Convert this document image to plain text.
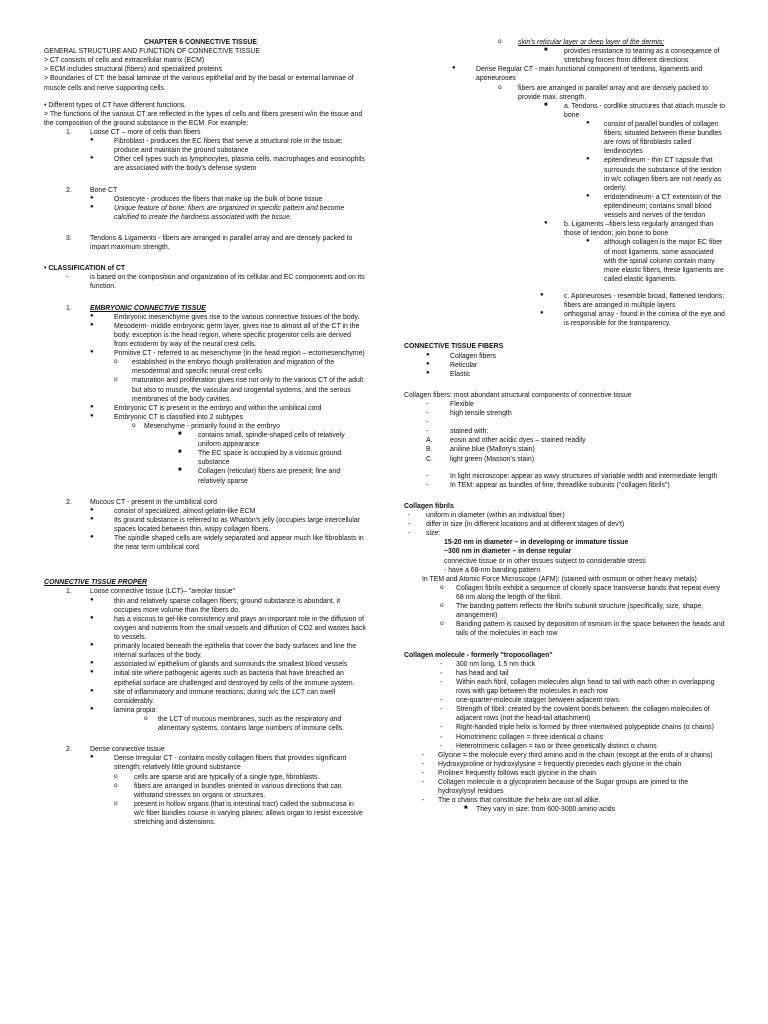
CHAPTER 6 CONNECTIVE TISSUE

GENERAL STRUCTURE AND FUNCTION OF CONNECTIVE TISSUE

> CT consists of cells and extracellular matrix (ECM)

> ECM includes structural (fibers) and specialized proteins

> Boundaries of CT: the basal laminae of the various epithelial and by the basal or external laminae of muscle cells and nerve supporting cells.

• Different types of CT have different functions.

> The functions of the various CT are reflected in the types of cells and fibers present w/in the tissue and the composition of the ground substance in the ECM. For example:

1.	Loose CT – more of cells than fibers
●	Fibroblast - produces the EC fibers that serve a structural role in the tissue; produce and maintain the ground substance
●	Other cell types such as lymphocytes, plasma cells, macrophages and eosinophils are associated with the body's defense system
2.	Bone CT
●	Osteocyte - produces the fibers that make up the bulk of bone tissue
●	Unique feature of bone: fibers are organized in specific pattern and become calcified to create the hardness associated with the tissue.
3.	Tendons & Ligaments - fibers are arranged in parallel array and are densely packed to impart maximum strength.

• CLASSIFICATION of CT

-	is based on the composition and organization of its cellular and EC components and on its function.
1.	EMBRYONIC CONNECTIVE TISSUE
●	Embryonic mesenchyme gives rise to the various connective tissues of the body.
●	Mesoderm- middle embryonic germ layer, gives rise to almost all of the CT in the body. exception is the head region, where specific progenitor cells are derived from ectoderm by way of the neural crest cells.
●	Primitive CT - referred to as mesenchyme (in the head region – ectomesenchyme)
o	established in the embryo though proliferation and migration of the mesodermal and specific neural crest cells
o	maturation and proliferation gives rise not only to the various CT of the adult but also to muscle, the vascular and urogenital systems, and the serous membranes of the body cavities.
●	Embryonic CT is present in the embryo and within the umbilical cord
●	Embryonic CT is classified into 2 subtypes
o	Mesenchyme - primarily found in the embryo
■	contains small, spindle-shaped cells of relatively uniform appearance
■	The EC space is occupied by a viscous ground substance
■	Collagen (reticular) fibers are present; fine and relatively sparse
2.	Mucous CT - present in the umbilical cord
●	consist of specialized, almost gelatin-like ECM
●	Its ground substance is referred to as Wharton's jelly (occupies large intercellular spaces located between thin, wispy collagen fibers.
●	The spindle shaped cells are widely separated and appear much like fibroblasts in the near term umbilical cord

CONNECTIVE TISSUE PROPER

1.	Loose connective tissue (LCT)– "areolar tissue"
●	thin and relatively sparse collagen fibers; ground substance is abundant, it occupies more volume than the fibers do.
●	has a viscous to gel-like consistency and plays an important role in the diffusion of oxygen and nutrients from the small vessels and diffusion of CO2 and wastes back to vessels.
●	primarily located beneath the epithelia that cover the body surfaces and line the internal surfaces of the body.
●	associated w/ epithelium of glands and surrounds the smallest blood vessels
●	initial site where pathogenic agents such as bacteria that have breached an epithelial surface are challenged and destroyed by cells of the immune system.
●	site of inflammatory and immune reactions; during w/c the LCT can swell considerably.
●	lamina propia
o	the LCT of mucous membranes, such as the respiratory and alimentary systems, contains large numbers of immune cells.
2.	Dense connective tissue
●	Dense Irregular CT - contains mostly collagen fibers that provides significant strength; relatively little ground substance
o	cells are sparse and are typically of a single type, fibroblasts.
o	fibers are arranged in bundles oriented in various directions that can withstand stresses on organs or structures.
o	present in hollow organs (that is intestinal tract) called the submucosa in w/c fiber bundles course in varying planes; allows organ to resist excessive stretching and distensions.
o	skin's reticular layer or deep layer of the dermis;
■	provides resistance to tearing as a consequence of stretching forces from different directions.
●	Dense Regular CT - main functional component of tendons, ligaments and aponeuroses
o	fibers are arranged in parallel array and are densely packed to provide max. strength.
■	a. Tendons - cordlike structures that attach muscle to bone
●	consist of parallel bundles of collagen fibers; situated between these bundles are rows of fibroblasts called tendinocytes
●	epitendineum - thin CT capsule that surrounds the substance of the tendon in w/c collagen fibers are not nearly as orderly.
●	endotendineum- a CT extension of the epitendineum; contains small blood vessels and nerves of the tendon
●	b. Ligaments –fibers less regularly arranged than those of tendon; join bone to bone
●	although collagen is the major EC fiber of most ligaments, some associated with the spinal column contain many more elastic fibers, these ligaments are called elastic ligaments.
●	c. Aponeuroses - resemble broad, flattened tendons; fibers are arranged in multiple layers
●	orthogonal array - found in the cornea of the eye and is responsible for the transparency.

CONNECTIVE TISSUE FIBERS

●	Collagen fibers
●	Reticular
●	Elastic

Collagen fibers: most abundant structural components of connective tissue

-	Flexible
-	high tensile strength
-

-	stained with:
A.	eosin and other acidic dyes – stained readily
B.	aniline blue (Mallory's stain)
C.	light green (Masson's stain)
-	In light microscope: appear as wavy structures of variable width and intermediate length
-	In TEM: appear as bundles of fine, threadlike subunits ("collagen fibrils")

Collagen fibrils

-	uniform in diameter (within an individual fiber)
-	differ in size (in different locations and at different stages of dev't)
-	size:

15-20 nm in diameter – in developing or immature tissue

~300 nm in diameter – in dense regular

connective tissue or in other tissues subject to considerable stress

- have a 68-nm banding pattern

In TEM and Atomic Force Microscope (AFM): (stained with osmium or other heavy metals)

o	Collagen fibrils exhibit a sequence of closely space transverse bands that repeat every 68 nm along the length of the fibril.
o	The banding pattern reflects the fibril's subunit structure (specifically, size, shape, arrangement)
o	Banding pattern is caused by deposition of osmium in the space between the heads and tails of the molecules in each row

Collagen molecule - formerly "tropocollagen"

-	300 nm long, 1.5 nm thick
-	has head and tail
-	Within each fibril, collagen molecules align head to tail with each other in overlapping rows with gap between the molecules in each row
-	one-quarter-molecule stagger between adjacent rows
-	Strength of fibril: created by the covalent bonds between. the collagen molecules of adjacent rows (not the head-tail attachment)
-	Right-handed triple helix is formed by three intertwined polypeptide chains (α chains)
-	Homotrimeric collagen = three identical α chains
-	Heterotrimeric collagen = two or three genetically distinct α chains
-	Glycine = the molecule every third amino acid in the chain (except at the ends of α chains)
-	Hydroxyproline or hydroxylysine = frequently precedes each glycine in the chain
-	Proline= frequently follows each glycine in the chain
-	Collagen molecule is a glycoprotein because of the Sugar groups are joined to the hydroxylysyl residues
-	The α chains that constitute the helix are not all alike.
■	They vary in size: from 600-3000 amino acids
